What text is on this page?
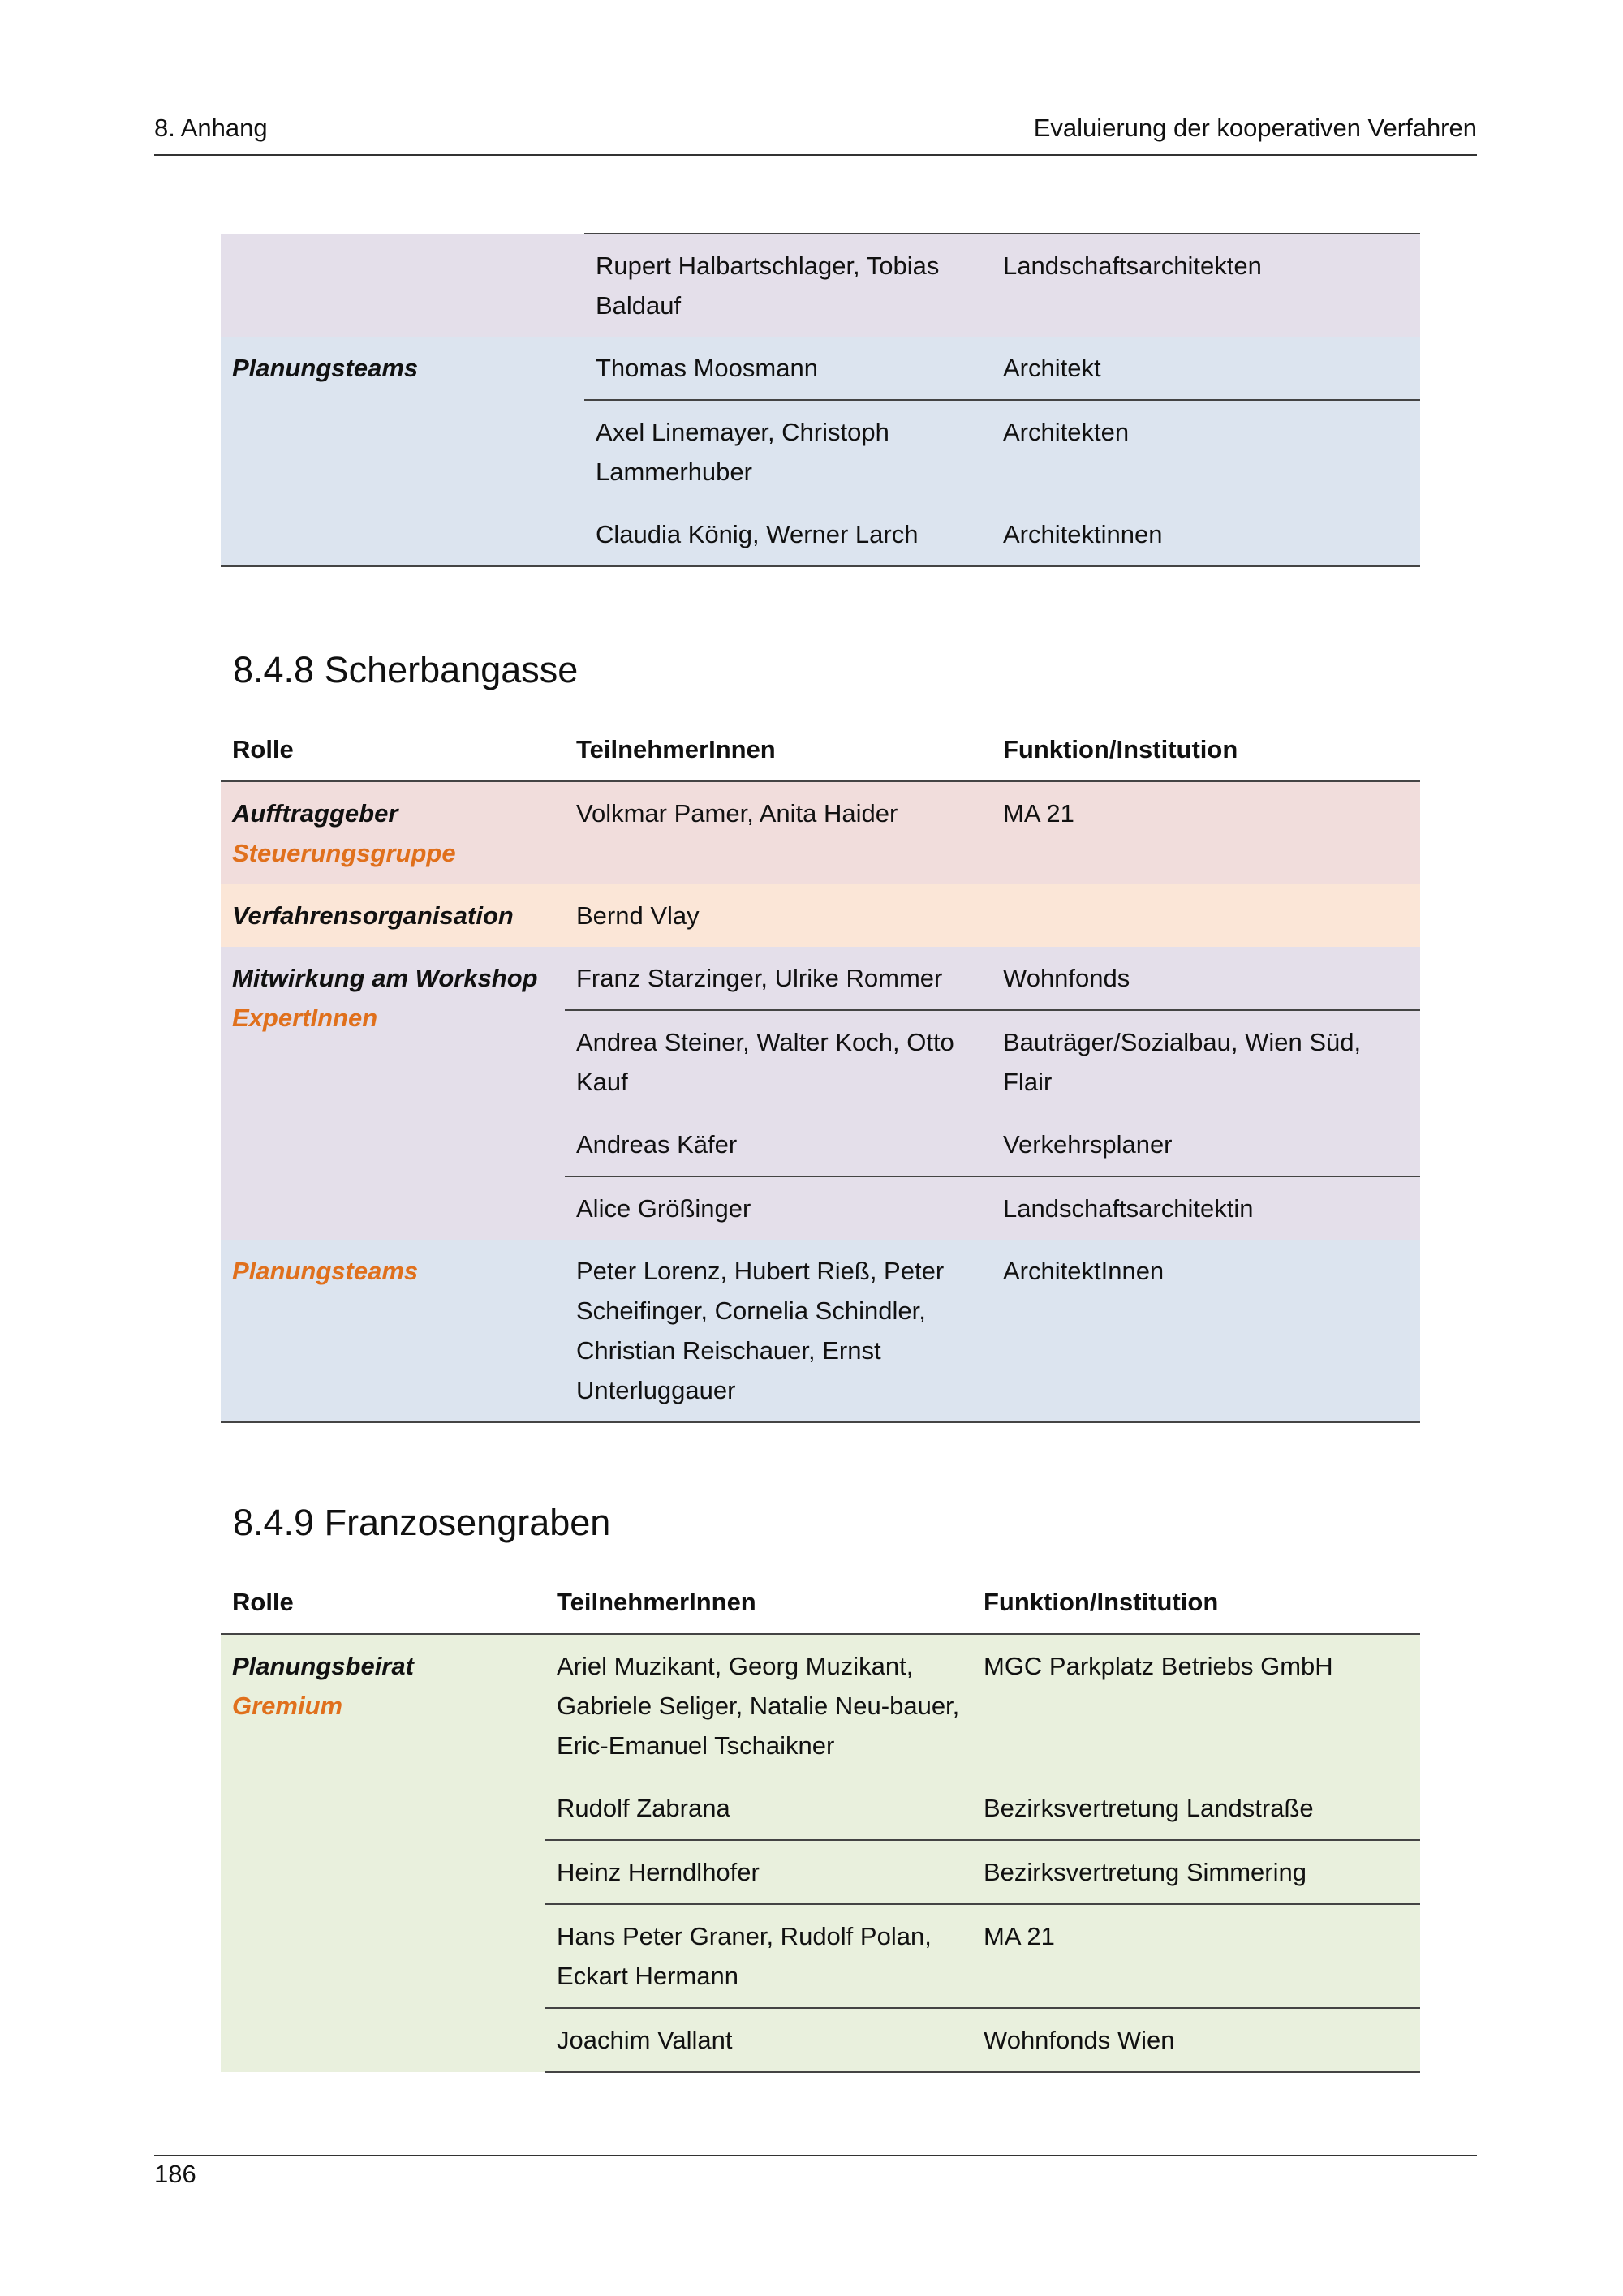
8. Anhang	Evaluierung der kooperativen Verfahren
	Rupert Halbartschlager, Tobias Baldauf	Landschaftsarchitekten
Planungsteams	Thomas Moosmann	Architekt
	Axel Linemayer, Christoph Lammerhuber	Architekten
	Claudia König, Werner Larch	Architektinnen
8.4.8 Scherbangasse
Rolle	TeilnehmerInnen	Funktion/Institution

Aufftraggeber
Steuerungsgruppe	Volkmar Pamer, Anita Haider	MA 21
Verfahrensorganisation	Bernd Vlay	

Mitwirkung am Workshop
ExpertInnen	Franz Starzinger, Ulrike Rommer	Wohnfonds
	Andrea Steiner, Walter Koch, Otto Kauf	Bauträger/Sozialbau, Wien Süd, Flair
	Andreas Käfer	Verkehrsplaner
	Alice Größinger	Landschaftsarchitektin
Planungsteams	Peter Lorenz, Hubert Rieß, Peter Scheifinger, Cornelia Schindler, Christian Reischauer, Ernst Unterluggauer	ArchitektInnen
8.4.9 Franzosengraben
Rolle	TeilnehmerInnen	Funktion/Institution

Planungsbeirat
Gremium	Ariel Muzikant, Georg Muzikant, Gabriele Seliger, Natalie Neu-bauer, Eric-Emanuel Tschaikner	MGC Parkplatz Betriebs GmbH
	Rudolf Zabrana	Bezirksvertretung Landstraße
	Heinz Herndlhofer	Bezirksvertretung Simmering
	Hans Peter Graner, Rudolf Polan, Eckart Hermann	MA 21
	Joachim Vallant	Wohnfonds Wien
186
